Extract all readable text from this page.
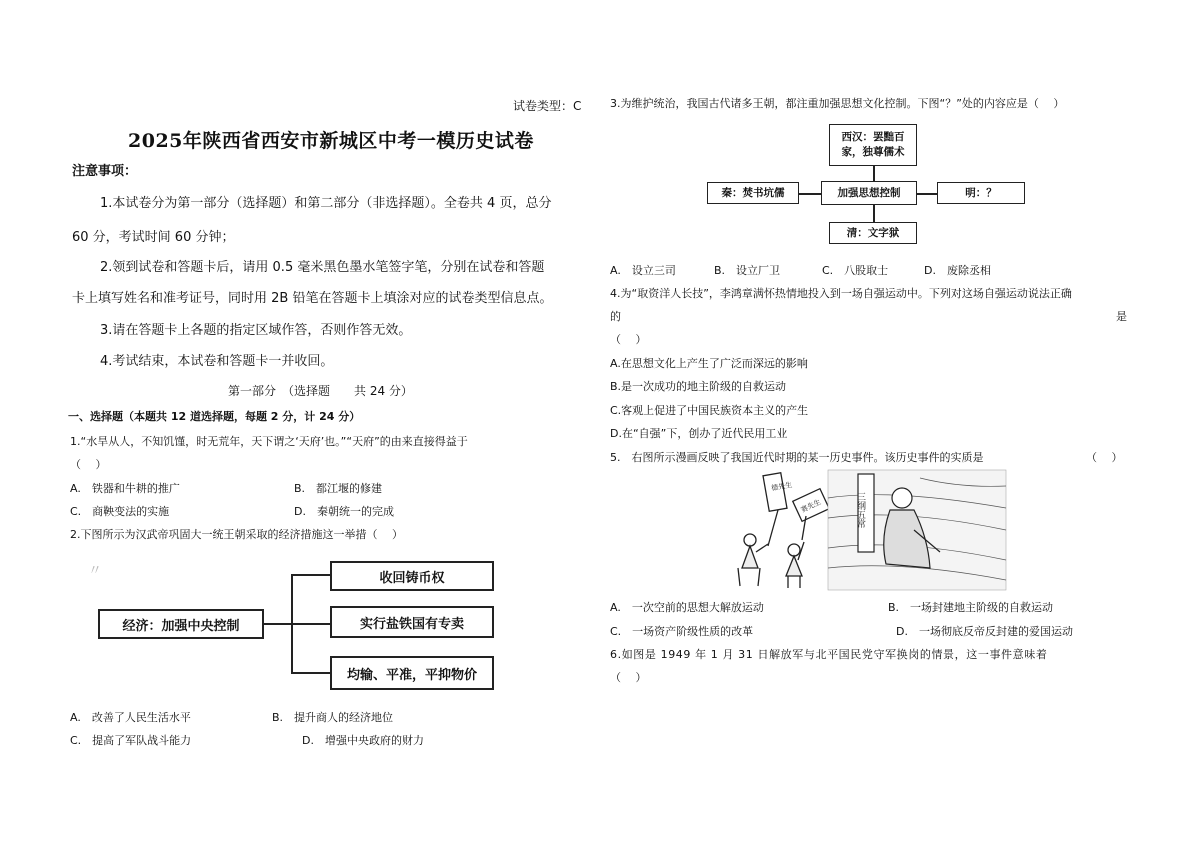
试卷类型：C
2025年陕西省西安市新城区中考一模历史试卷
注意事项：
1.本试卷分为第一部分（选择题）和第二部分（非选择题）。全卷共 4 页，总分
60 分，考试时间 60 分钟；
2.领到试卷和答题卡后，请用 0.5 毫米黑色墨水笔签字笔，分别在试卷和答题
卡上填写姓名和准考证号，同时用 2B 铅笔在答题卡上填涂对应的试卷类型信息点。
3.请在答题卡上各题的指定区域作答，否则作答无效。
4.考试结束，本试卷和答题卡一并收回。
第一部分　（选择题　　共 24 分）
一、选择题（本题共 12 道选择题，每题 2 分，计 24 分）
1.“水旱从人，不知饥馑，时无荒年，天下谓之‘天府’也。”“天府”的由来直接得益于
（　 ）
A.　铁器和牛耕的推广	B.　都江堰的修建
C.　商鞅变法的实施	D.　秦朝统一的完成
2.下图所示为汉武帝巩固大一统王朝采取的经济措施这一举措（　 ）
〃
经济：加强中央控制
收回铸币权
实行盐铁国有专卖
均输、平准，平抑物价
A.　改善了人民生活水平	B.　提升商人的经济地位
C.　提高了军队战斗能力	D.　增强中央政府的财力
3.为维护统治，我国古代诸多王朝，都注重加强思想文化控制。下图“？”处的内容应是（　 ）
西汉：罢黜百家，独尊儒术
秦：焚书坑儒	加强思想控制	明：？
清：文字狱
A.　设立三司	B.　设立厂卫	C.　八股取士	D.　废除丞相
4.为“取资洋人长技”，李鸿章满怀热情地投入到一场自强运动中。下列对这场自强运动说法正确
的	是
（　 ）
A.在思想文化上产生了广泛而深远的影响
B.是一次成功的地主阶级的自救运动
C.客观上促进了中国民族资本主义的产生
D.在“自强”下，创办了近代民用工业
5.　右图所示漫画反映了我国近代时期的某一历史事件。该历史事件的实质是	（　 ）
德先生
赛先生	三纲五常
A.　一次空前的思想大解放运动	B.　一场封建地主阶级的自救运动
C.　一场资产阶级性质的改革	D.　一场彻底反帝反封建的爱国运动
6.如图是 1949 年 1 月 31 日解放军与北平国民党守军换岗的情景，这一事件意味着
（　 ）
